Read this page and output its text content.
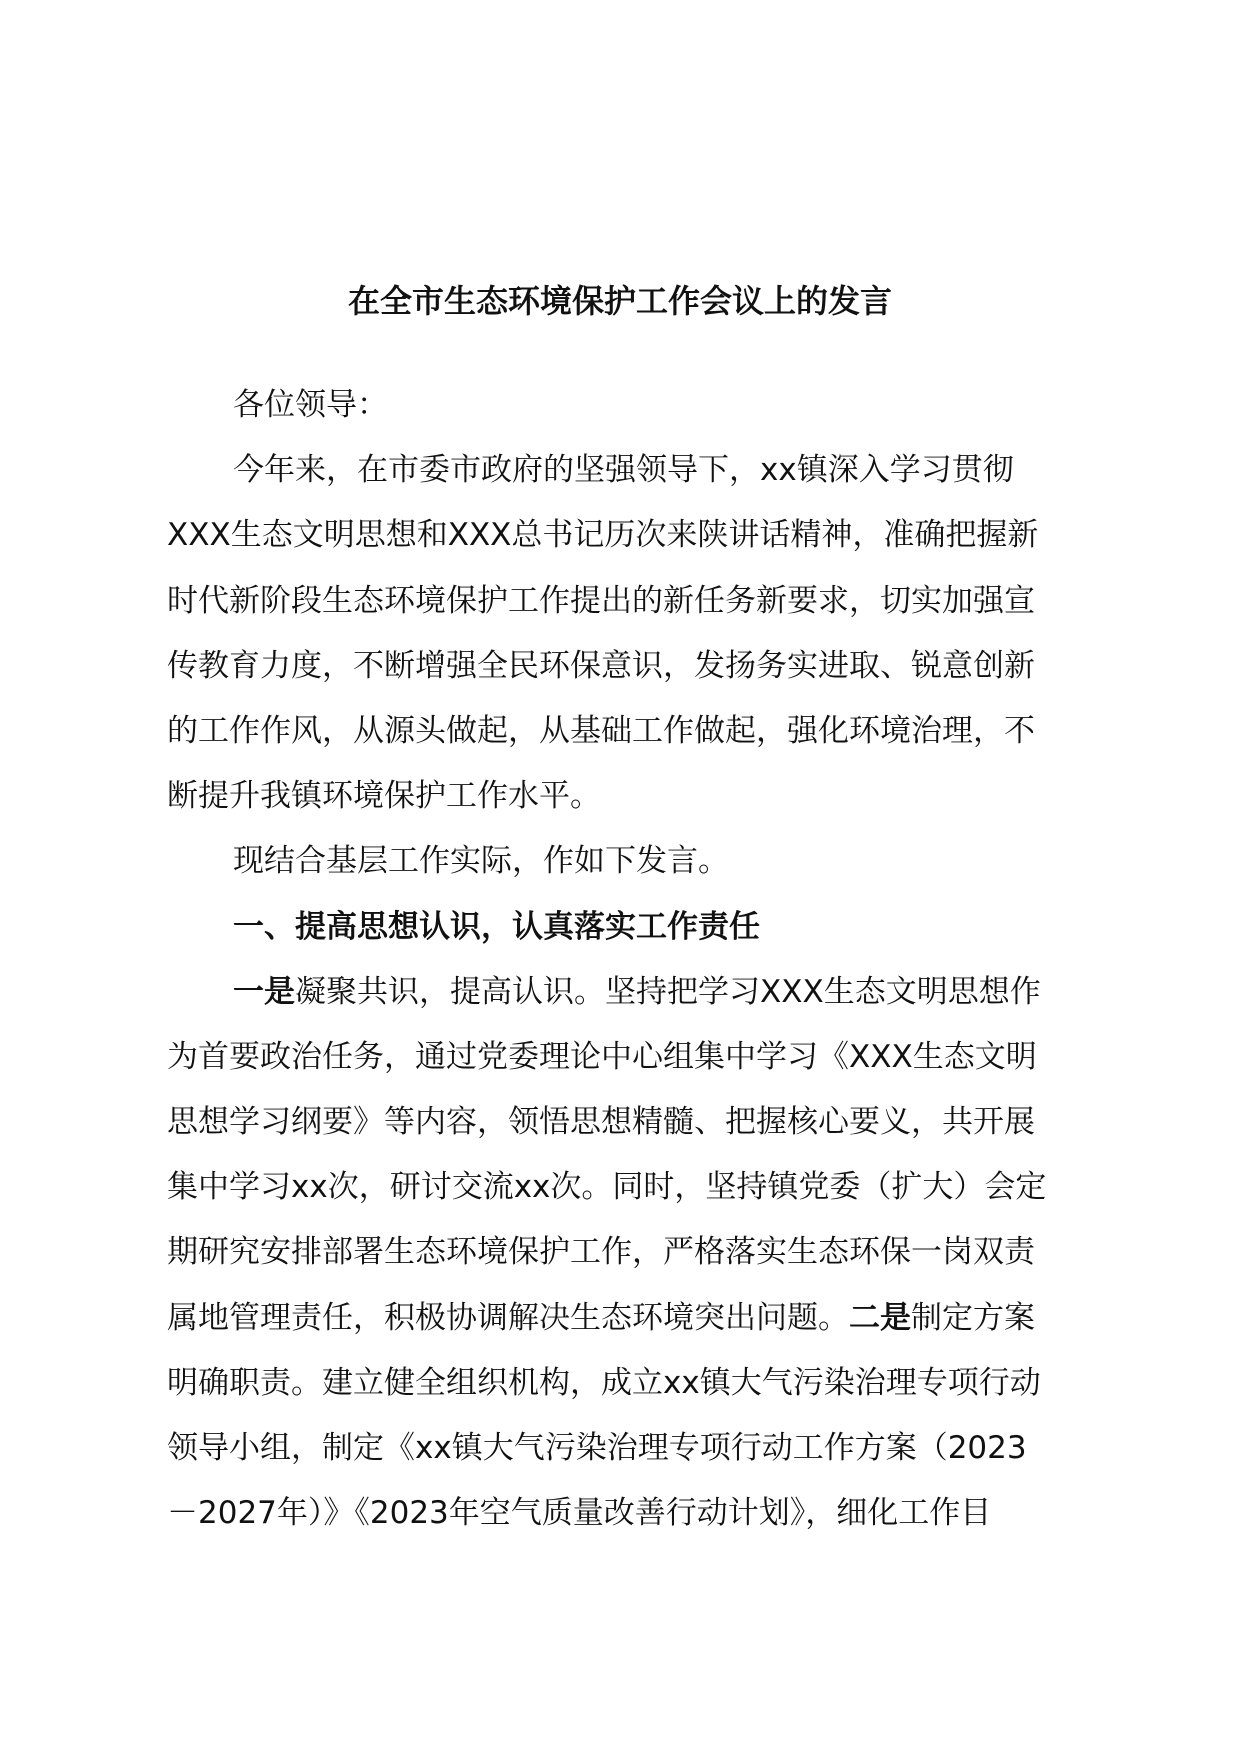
在全市生态环境保护工作会议上的发言
各位领导：
今年来，在市委市政府的坚强领导下，xx镇深入学习贯彻
XXX生态文明思想和XXX总书记历次来陕讲话精神，准确把握新
时代新阶段生态环境保护工作提出的新任务新要求，切实加强宣
传教育力度，不断增强全民环保意识，发扬务实进取、锐意创新
的工作作风，从源头做起，从基础工作做起，强化环境治理，不
断提升我镇环境保护工作水平。
现结合基层工作实际，作如下发言。
一、提高思想认识，认真落实工作责任
一是凝聚共识，提高认识。坚持把学习XXX生态文明思想作
为首要政治任务，通过党委理论中心组集中学习《XXX生态文明
思想学习纲要》等内容，领悟思想精髓、把握核心要义，共开展
集中学习xx次，研讨交流xx次。同时，坚持镇党委（扩大）会定
期研究安排部署生态环境保护工作，严格落实生态环保一岗双责
属地管理责任，积极协调解决生态环境突出问题。二是制定方案
明确职责。建立健全组织机构，成立xx镇大气污染治理专项行动
领导小组，制定《xx镇大气污染治理专项行动工作方案（2023
－2027年）》《2023年空气质量改善行动计划》，细化工作目
